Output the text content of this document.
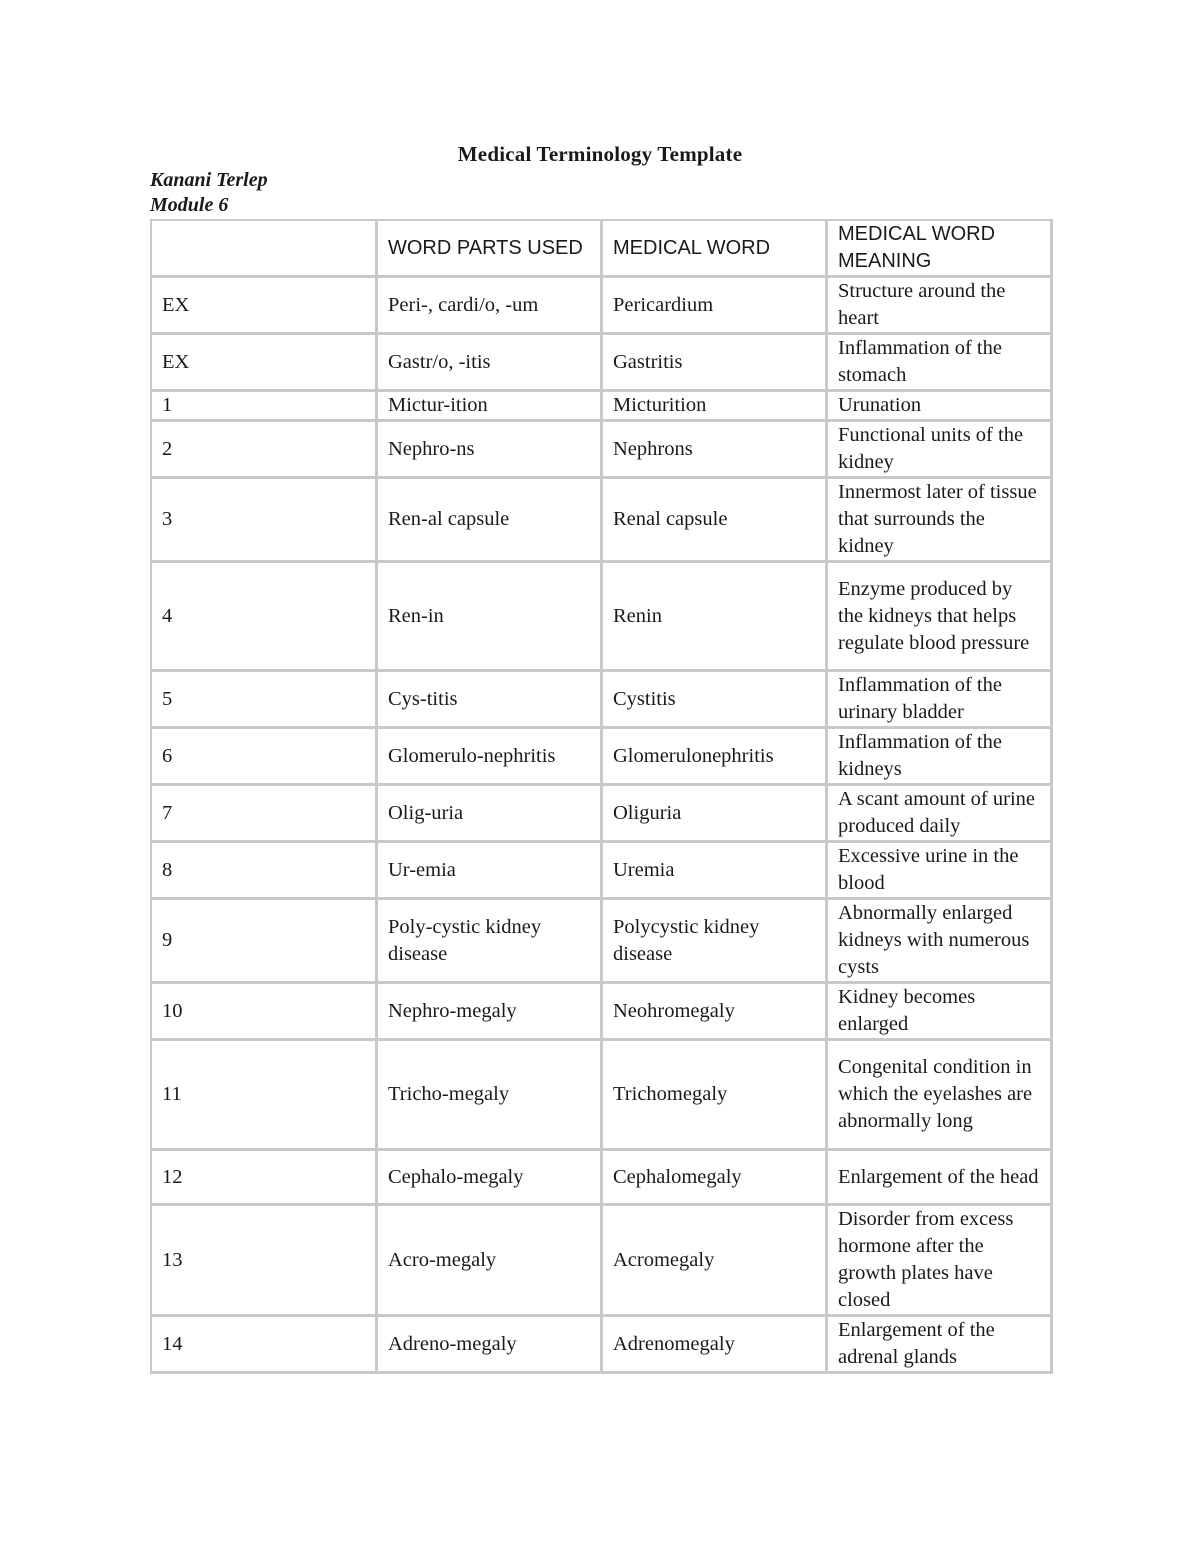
Medical Terminology Template
Kanani Terlep
Module 6
	WORD PARTS USED	MEDICAL WORD	MEDICAL WORD MEANING
EX	Peri-, cardi/o, -um	Pericardium	Structure around the heart
EX	Gastr/o, -itis	Gastritis	Inflammation of the stomach
1	Mictur-ition	Micturition	Urunation
2	Nephro-ns	Nephrons	Functional units of the kidney
3	Ren-al capsule	Renal capsule	Innermost later of tissue that surrounds the kidney
4	Ren-in	Renin	Enzyme produced by the kidneys that helps regulate blood pressure
5	Cys-titis	Cystitis	Inflammation of the urinary bladder
6	Glomerulo-nephritis	Glomerulonephritis	Inflammation of the kidneys
7	Olig-uria	Oliguria	A scant amount of urine produced daily
8	Ur-emia	Uremia	Excessive urine in the blood
9	Poly-cystic kidney disease	Polycystic kidney disease	Abnormally enlarged kidneys with numerous cysts
10	Nephro-megaly	Neohromegaly	Kidney becomes enlarged
11	Tricho-megaly	Trichomegaly	Congenital condition in which the eyelashes are abnormally long
12	Cephalo-megaly	Cephalomegaly	Enlargement of the head
13	Acro-megaly	Acromegaly	Disorder from excess hormone after the growth plates have closed
14	Adreno-megaly	Adrenomegaly	Enlargement of the adrenal glands
